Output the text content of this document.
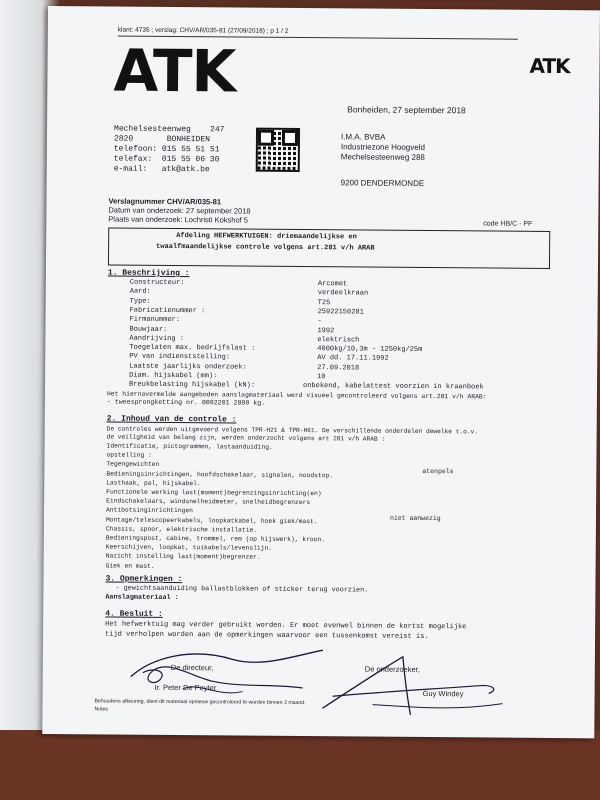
klant: 4735 ; verslag: CHV/AR/035-81 (27/09/2018) ; p 1 / 2
ATK	ATK
Bonheiden, 27 september 2018
Mechelsesteenweg 247
2820	BONHEIDEN
telefoon: 015 55 51 51
telefax: 015 55 06 30
e-mail: atk@atk.be
I.M.A. BVBA
Industriezone Hoogveld
Mechelsesteenweg 288
9200 DENDERMONDE
Verslagnummer CHV/AR/035-81
Datum van onderzoek: 27 september 2018
Plaats van onderzoek: Lochristi Kokshof 5	code HB/C - PF
Afdeling HEFWERKTUIGEN: driemaandelijkse en
twaalfmaandelijkse controle volgens art.281 v/h ARAB
1. Beschrijving :
Constructeur:	Arcomet
Aard:	verdeelkraan
Type:	T25
Fabricatienummer :	25922150281
Firmanummer:	-
Bouwjaar:	1992
Aandrijving :	elektrisch
Toegelaten max. bedrijfslast :	4000kg/10,3m - 1250kg/25m
PV van indienststelling:	AV dd. 17.11.1992
Laatste jaarlijks onderzoek:	27.09.2018
Diam. hijskabel (mm):	10
Breukbelasting hijskabel (kN):	onbekend, kabelattest voorzien in kraanboek
Het hiernavermelde aangeboden aanslagmateriaal werd visueel gecontroleerd volgens art.281 v/h ARAB:
- tweesprongketting nr. 0002201 2800 kg.
2. Inhoud van de controle :
De controles werden uitgevoerd volgens TPR-H21 & TPR-H61. De verschillende onderdelen dewelke t.o.v.
de veiligheid van belang zijn, werden onderzocht volgens art 281 v/h ARAB :
Identificatie, pictogrammen, lastaanduiding.
opstelling :
Tegengewichten
Bedieningsinrichtingen, hoofdschakelaar, signalen, noodstop.
Lasthaak, pal, hijskabel.
Functionele werking last(moment)begrenzingsinrichting(en)
Eindschakelaars, windsnelheidmeter, snelheidbegrenzers
Antibotsinginrichtingen
Montage/telescopeerkabels, loopkatkabel, hoek giek/mast.
Chassis, spoor, elektrische installatie.
Bedieningspost, cabine, trommel, rem (op hijswerk), kroon.
Keerschijven, loopkat, tuikabels/levenslijn.
Nazicht instelling last(moment)begrenzer.
Giek en mast.
atenpels
niet aanwezig
3. Opmerkingen :
- gewichtsaanduiding ballastblokken of sticker terug voorzien.
Aanslagmateriaal :
4. Besluit :
Het hefwerktuig mag verder gebruikt worden. Er moet evenwel binnen de kortst mogelijke
tijd verholpen worden aan de opmerkingen waarvoor een tussenkomst vereist is.
De directeur,
Ir. Peter De Peyter
De onderzoeker,
Guy Windey
Behoudens afkeuring, dient dit materiaal opnieuw gecontroleerd te worden binnen 3 maand.
Notes
